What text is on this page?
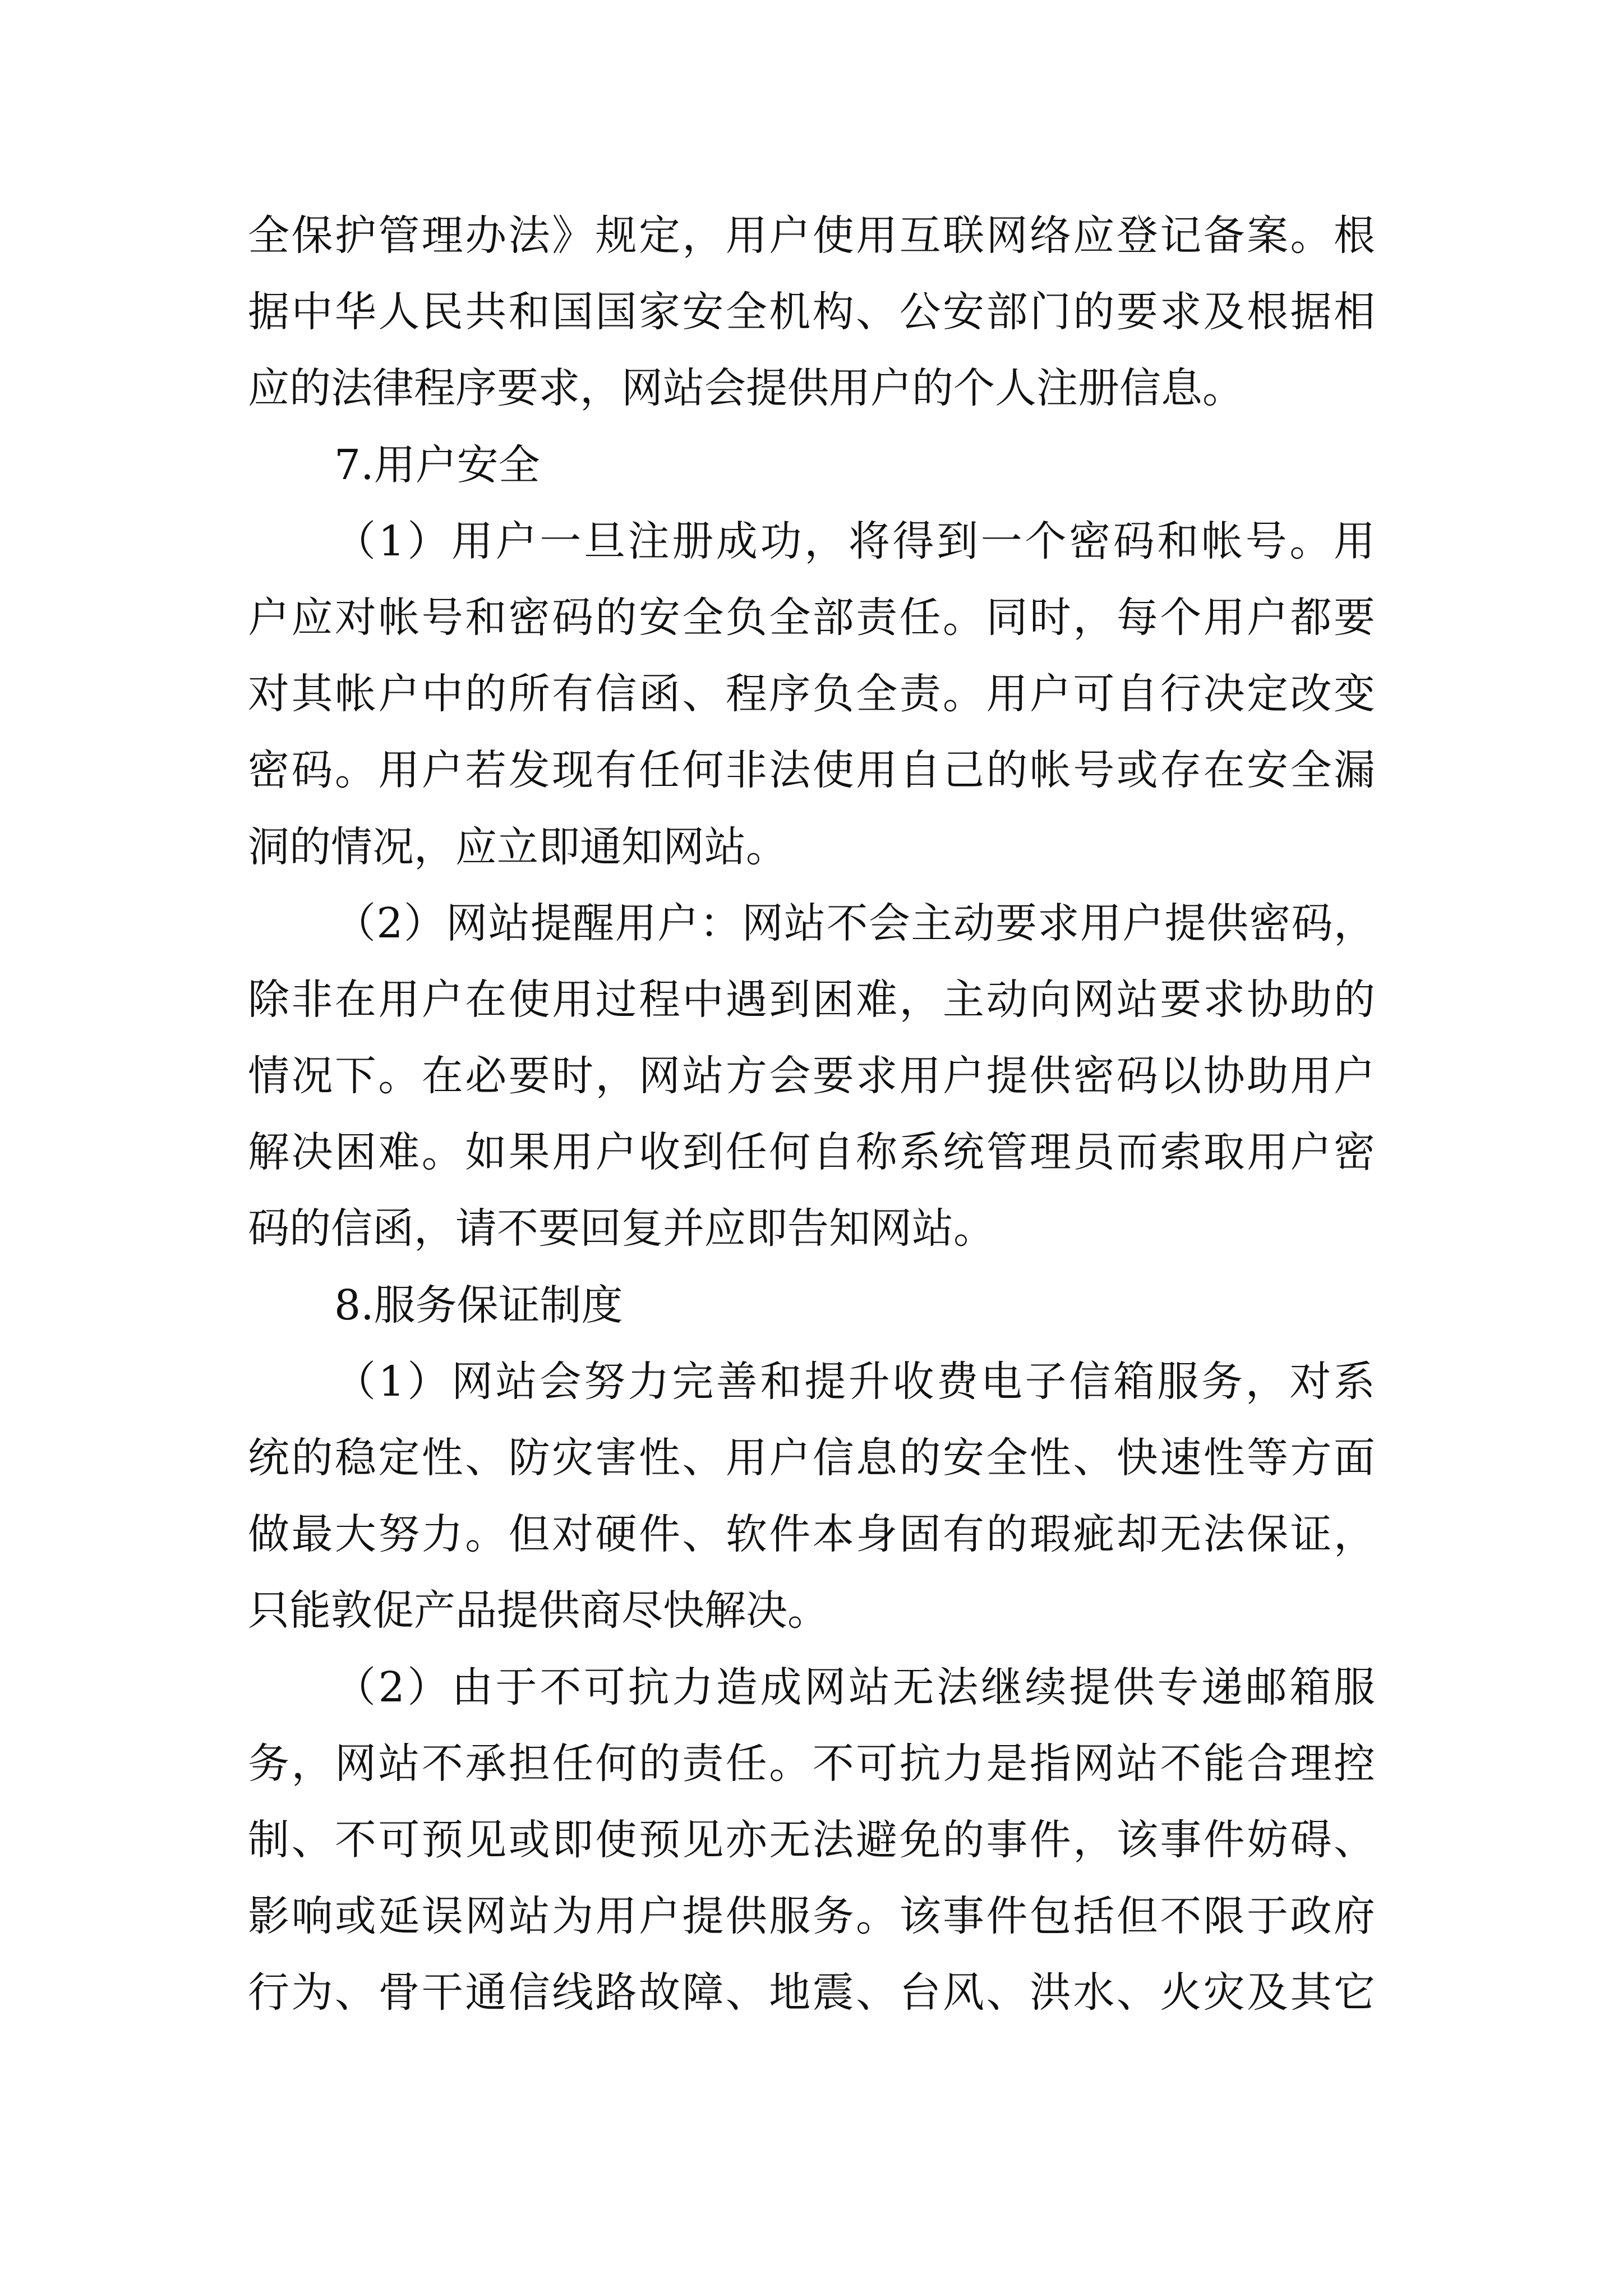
全保护管理办法》规定，用户使用互联网络应登记备案。根
据中华人民共和国国家安全机构、公安部门的要求及根据相
应的法律程序要求，网站会提供用户的个人注册信息。
7.用户安全
（1）用户一旦注册成功，将得到一个密码和帐号。用
户应对帐号和密码的安全负全部责任。同时，每个用户都要
对其帐户中的所有信函、程序负全责。用户可自行决定改变
密码。用户若发现有任何非法使用自己的帐号或存在安全漏
洞的情况，应立即通知网站。
（2）网站提醒用户：网站不会主动要求用户提供密码，
除非在用户在使用过程中遇到困难，主动向网站要求协助的
情况下。在必要时，网站方会要求用户提供密码以协助用户
解决困难。如果用户收到任何自称系统管理员而索取用户密
码的信函，请不要回复并应即告知网站。
8.服务保证制度
（1）网站会努力完善和提升收费电子信箱服务，对系
统的稳定性、防灾害性、用户信息的安全性、快速性等方面
做最大努力。但对硬件、软件本身固有的瑕疵却无法保证，
只能敦促产品提供商尽快解决。
（2）由于不可抗力造成网站无法继续提供专递邮箱服
务，网站不承担任何的责任。不可抗力是指网站不能合理控
制、不可预见或即使预见亦无法避免的事件，该事件妨碍、
影响或延误网站为用户提供服务。该事件包括但不限于政府
行为、骨干通信线路故障、地震、台风、洪水、火灾及其它
